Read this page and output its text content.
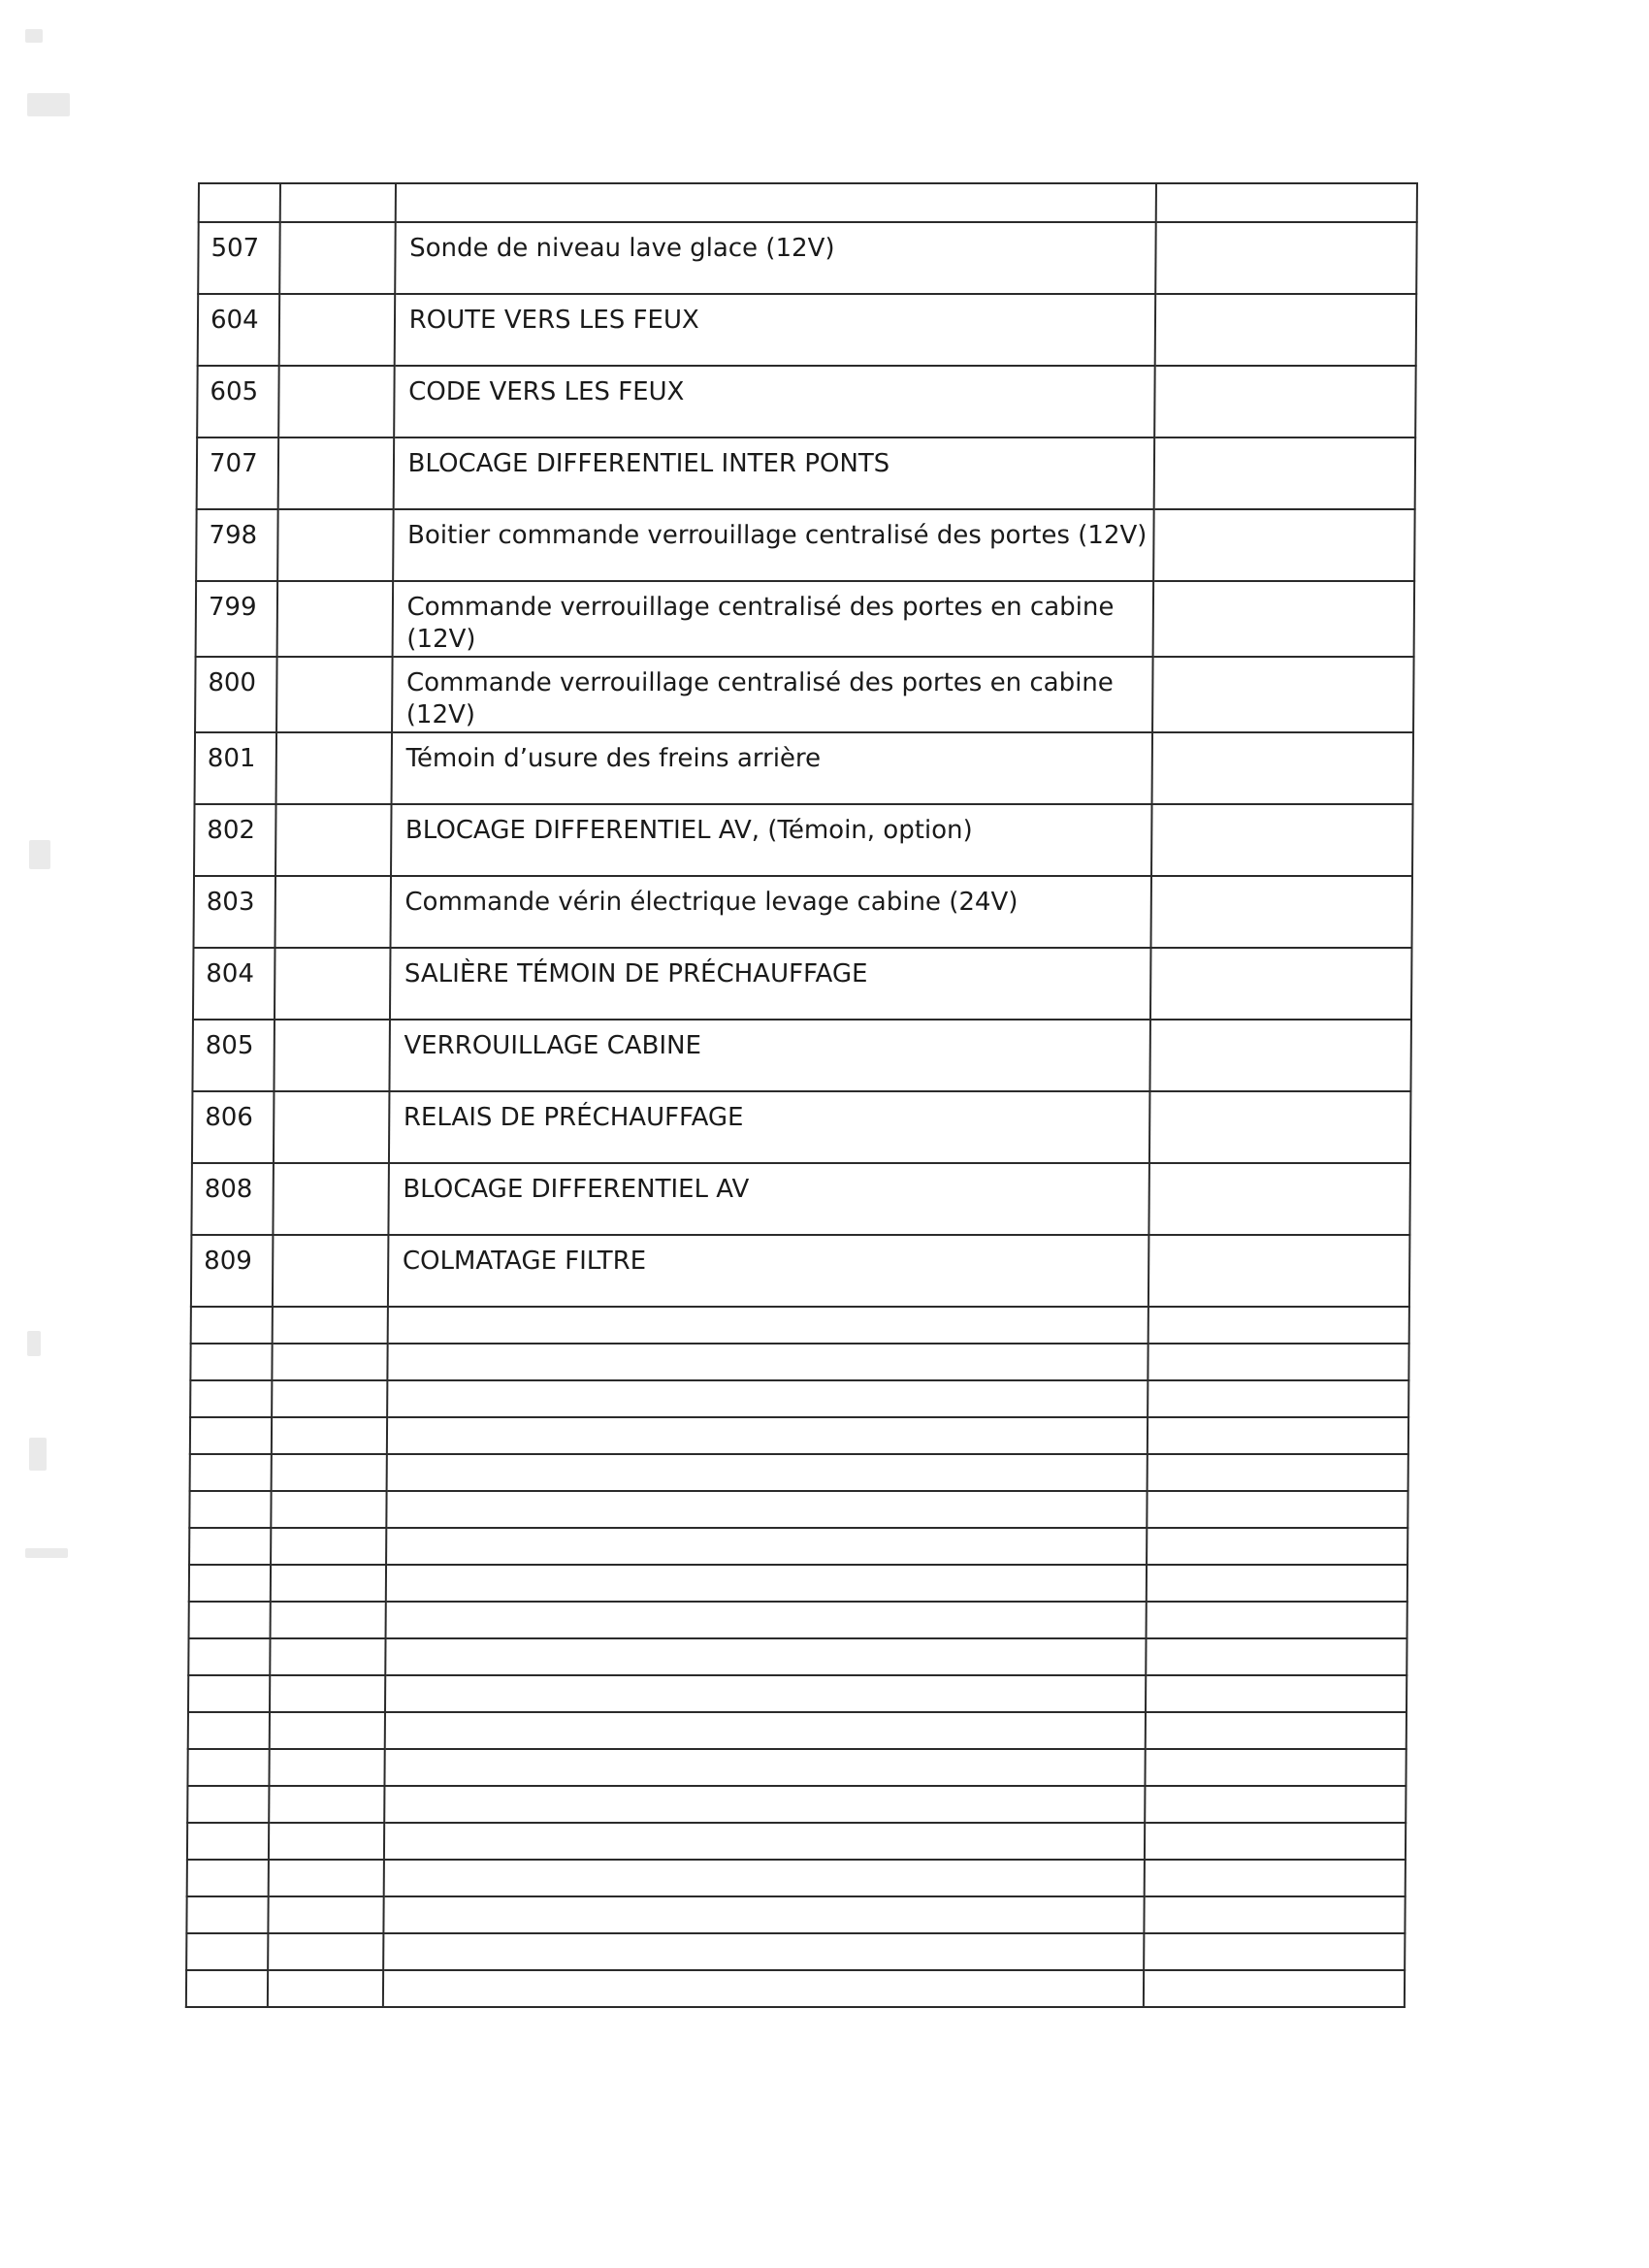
507		Sonde de niveau lave glace (12V)	

604		ROUTE VERS LES FEUX	

605		CODE VERS LES FEUX	

707		BLOCAGE DIFFERENTIEL INTER PONTS	

798		Boitier commande verrouillage centralisé des portes (12V)	

799		Commande verrouillage centralisé des portes en cabine (12V)	

800		Commande verrouillage centralisé des portes en cabine (12V)	

801		Témoin d’usure des freins arrière	

802		BLOCAGE DIFFERENTIEL AV, (Témoin, option)	

803		Commande vérin électrique levage cabine (24V)	

804		SALIÈRE TÉMOIN DE PRÉCHAUFFAGE	

805		VERROUILLAGE CABINE	

806		RELAIS DE PRÉCHAUFFAGE	

808		BLOCAGE DIFFERENTIEL AV	

809		COLMATAGE FILTRE	
